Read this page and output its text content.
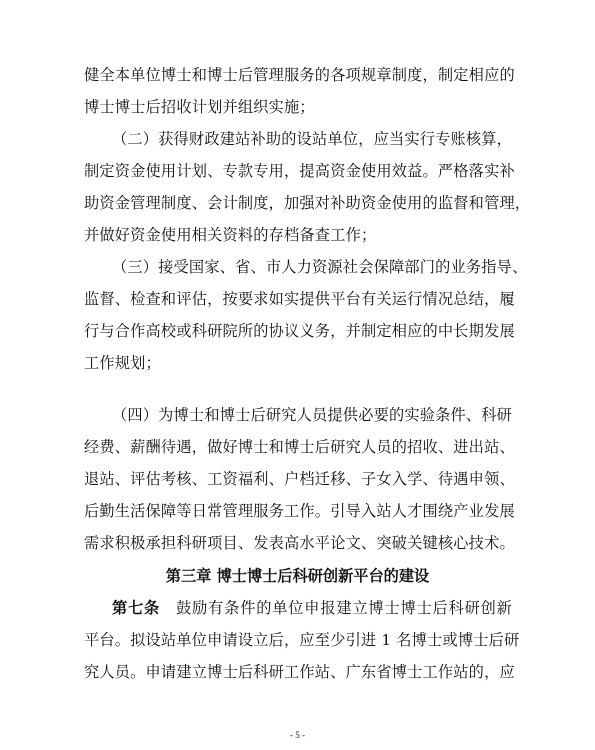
健全本单位博士和博士后管理服务的各项规章制度，制定相应的
博士博士后招收计划并组织实施；
（二）获得财政建站补助的设站单位，应当实行专账核算，
制定资金使用计划、专款专用，提高资金使用效益。严格落实补
助资金管理制度、会计制度，加强对补助资金使用的监督和管理，
并做好资金使用相关资料的存档备查工作；
（三）接受国家、省、市人力资源社会保障部门的业务指导、
监督、检查和评估，按要求如实提供平台有关运行情况总结，履
行与合作高校或科研院所的协议义务，并制定相应的中长期发展
工作规划；
（四）为博士和博士后研究人员提供必要的实验条件、科研
经费、薪酬待遇，做好博士和博士后研究人员的招收、进出站、
退站、评估考核、工资福利、户档迁移、子女入学、待遇申领、
后勤生活保障等日常管理服务工作。引导入站人才围绕产业发展
需求积极承担科研项目、发表高水平论文、突破关键核心技术。
第三章 博士博士后科研创新平台的建设
第七条 鼓励有条件的单位申报建立博士博士后科研创新
平台。拟设站单位申请设立后，应至少引进 1 名博士或博士后研
究人员。申请建立博士后科研工作站、广东省博士工作站的，应
- 5 -
